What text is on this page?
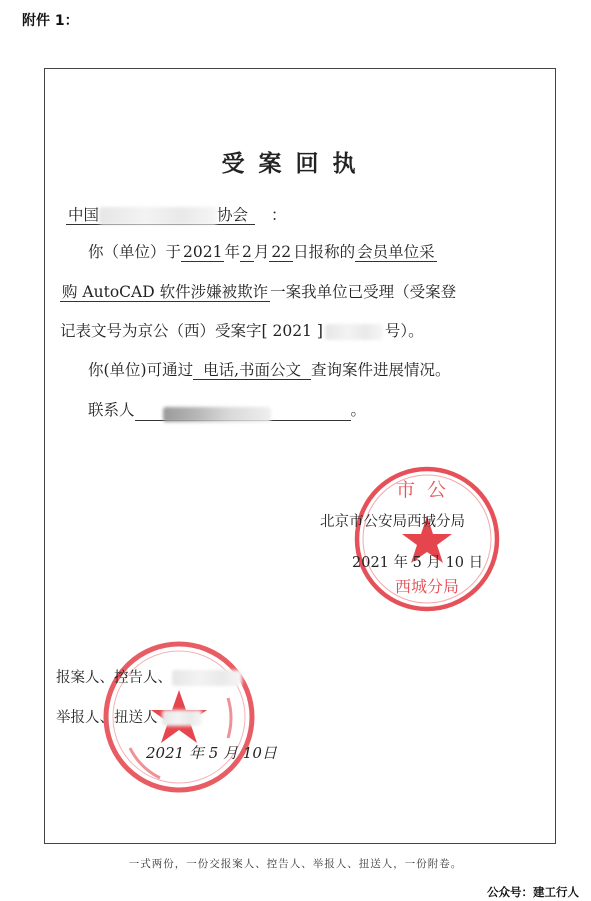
附件 1：
受案回执
中国	协会 ：
你（单位）于 2021 年 2 月 22 日报称的 会员单位采
购 AutoCAD 软件涉嫌被欺诈 一案我单位已受理（受案登
记表文号为京公（西）受案字[ 2021 ]	号）。
你(单位)可通过 电话,书面公文 查询案件进展情况。
联系人	。
市公
西城分局
北京市公安局西城分局
2021 年 5 月 10 日
报案人、控告人、
举报人、扭送人
2021 年 5 月 10日
一式两份，一份交报案人、控告人、举报人、扭送人，一份附卷。
公众号：建工行人
